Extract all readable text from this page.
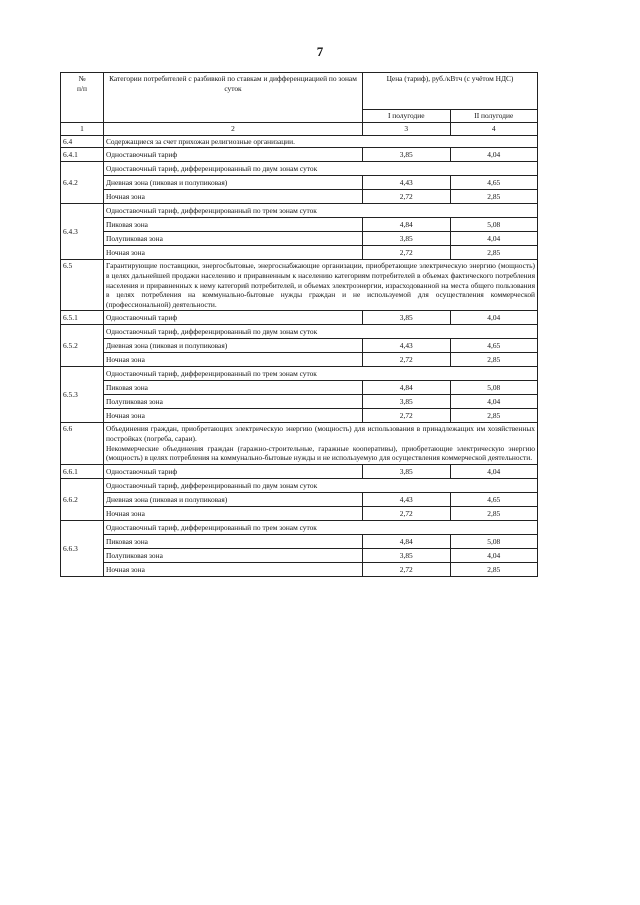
7
№
п/п	Категории потребителей с разбивкой по ставкам и дифференциацией по зонам суток	Цена (тариф), руб./кВтч (с учётом НДС)	
		I полугодие	II полугодие
1	2	3	4
6.4	Содержащиеся за счет прихожан религиозные организации.		

6.4.1	Одноставочный тариф	3,85	4,04
6.4.2	Одноставочный тариф, дифференцированный по двум зонам суток		
	Дневная зона (пиковая и полупиковая)	4,43	4,65
	Ночная зона	2,72	2,85
6.4.3	Одноставочный тариф, дифференцированный по трем зонам суток		
	Пиковая зона	4,84	5,08
	Полупиковая зона	3,85	4,04
	Ночная зона	2,72	2,85
6.5	Гарантирующие поставщики, энергосбытовые, энергоснабжающие организации, приобретающие электрическую энергию (мощность) в целях дальнейшей продажи населению и приравненным к населению категориям потребителей в объемах фактического потребления населения и приравненных к нему категорий потребителей, и объемах электроэнергии, израсходованной на места общего пользования в целях потребления на коммунально-бытовые нужды граждан и не используемой для осуществления коммерческой (профессиональной) деятельности.		

6.5.1	Одноставочный тариф	3,85	4,04
6.5.2	Одноставочный тариф, дифференцированный по двум зонам суток		
	Дневная зона (пиковая и полупиковая)	4,43	4,65
	Ночная зона	2,72	2,85
6.5.3	Одноставочный тариф, дифференцированный по трем зонам суток		
	Пиковая зона	4,84	5,08
	Полупиковая зона	3,85	4,04
	Ночная зона	2,72	2,85
6.6	Объединения граждан, приобретающих электрическую энергию (мощность) для использования в принадлежащих им хозяйственных постройках (погреба, сараи).
Некоммерческие объединения граждан (гаражно-строительные, гаражные кооперативы), приобретающие электрическую энергию (мощность) в целях потребления на коммунально-бытовые нужды и не используемую для осуществления коммерческой деятельности.		

6.6.1	Одноставочный тариф	3,85	4,04
6.6.2	Одноставочный тариф, дифференцированный по двум зонам суток		
	Дневная зона (пиковая и полупиковая)	4,43	4,65
	Ночная зона	2,72	2,85
6.6.3	Одноставочный тариф, дифференцированный по трем зонам суток		
	Пиковая зона	4,84	5,08
	Полупиковая зона	3,85	4,04
	Ночная зона	2,72	2,85
